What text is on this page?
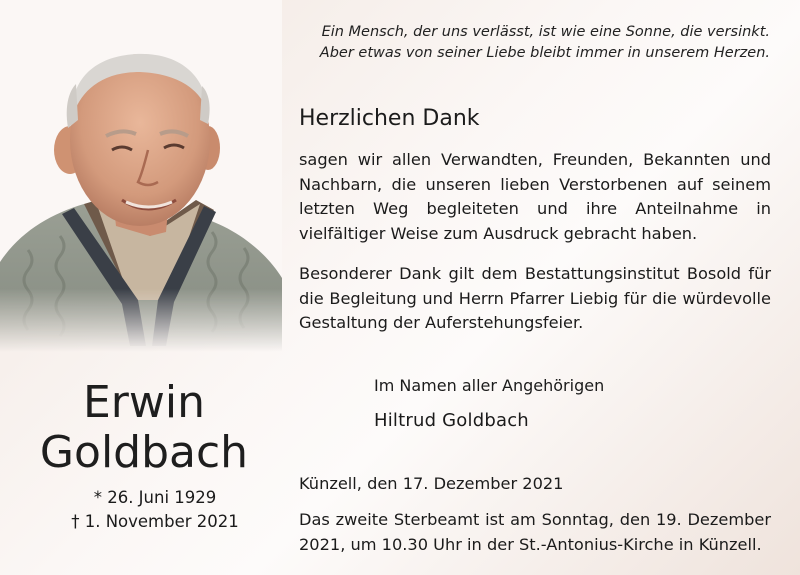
Ein Mensch, der uns verlässt, ist wie eine Sonne, die versinkt.
Aber etwas von seiner Liebe bleibt immer in unserem Herzen.
Herzlichen Dank
sagen wir allen Verwandten, Freunden, Bekannten und Nachbarn, die unseren lieben Verstorbenen auf seinem letzten Weg begleiteten und ihre Anteilnahme in vielfältiger Weise zum Ausdruck gebracht haben.
Besonderer Dank gilt dem Bestattungsinstitut Bosold für die Begleitung und Herrn Pfarrer Liebig für die würdevolle Gestaltung der Auferstehungsfeier.
Im Namen aller Angehörigen
Hiltrud Goldbach
Künzell, den 17. Dezember 2021
Das zweite Sterbeamt ist am Sonntag, den 19. Dezember 2021, um 10.30 Uhr in der St.-Antonius-Kirche in Künzell.
Erwin
Goldbach
* 26. Juni 1929
† 1. November 2021
